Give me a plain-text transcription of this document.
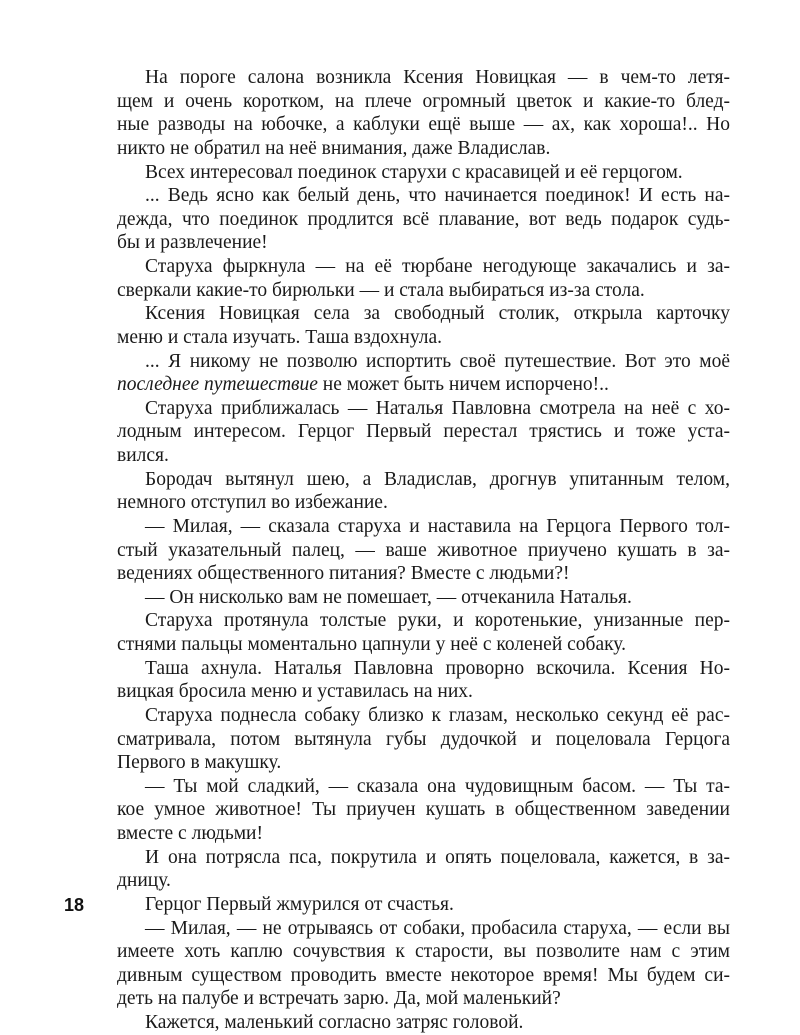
На пороге салона возникла Ксения Новицкая — в чем-то летя-
щем и очень коротком, на плече огромный цветок и какие-то блед-
ные разводы на юбочке, а каблуки ещё выше — ах, как хороша!.. Но
никто не обратил на неё внимания, даже Владислав.
Всех интересовал поединок старухи с красавицей и её герцогом.
... Ведь ясно как белый день, что начинается поединок! И есть на-
дежда, что поединок продлится всё плавание, вот ведь подарок судь-
бы и развлечение!
Старуха фыркнула — на её тюрбане негодующе закачались и за-
сверкали какие-то бирюльки — и стала выбираться из-за стола.
Ксения Новицкая села за свободный столик, открыла карточку
меню и стала изучать. Таша вздохнула.
... Я никому не позволю испортить своё путешествие. Вот это моё
последнее путешествие не может быть ничем испорчено!..
Старуха приближалась — Наталья Павловна смотрела на неё с хо-
лодным интересом. Герцог Первый перестал трястись и тоже уста-
вился.
Бородач вытянул шею, а Владислав, дрогнув упитанным телом,
немного отступил во избежание.
— Милая, — сказала старуха и наставила на Герцога Первого тол-
стый указательный палец, — ваше животное приучено кушать в за-
ведениях общественного питания? Вместе с людьми?!
— Он нисколько вам не помешает, — отчеканила Наталья.
Старуха протянула толстые руки, и коротенькие, унизанные пер-
стнями пальцы моментально цапнули у неё с коленей собаку.
Таша ахнула. Наталья Павловна проворно вскочила. Ксения Но-
вицкая бросила меню и уставилась на них.
Старуха поднесла собаку близко к глазам, несколько секунд её рас-
сматривала, потом вытянула губы дудочкой и поцеловала Герцога
Первого в макушку.
— Ты мой сладкий, — сказала она чудовищным басом. — Ты та-
кое умное животное! Ты приучен кушать в общественном заведении
вместе с людьми!
И она потрясла пса, покрутила и опять поцеловала, кажется, в за-
дницу.
Герцог Первый жмурился от счастья.
— Милая, — не отрываясь от собаки, пробасила старуха, — если вы
имеете хоть каплю сочувствия к старости, вы позволите нам с этим
дивным существом проводить вместе некоторое время! Мы будем си-
деть на палубе и встречать зарю. Да, мой маленький?
Кажется, маленький согласно затряс головой.
18
